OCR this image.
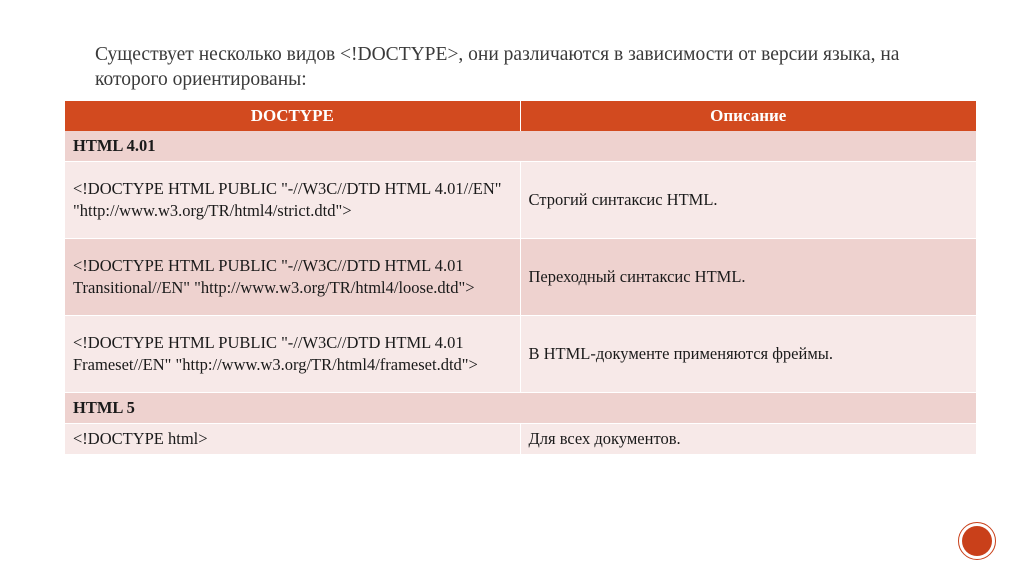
Существует несколько видов <!DOCTYPE>, они различаются в зависимости от версии языка, на которого ориентированы:
DOCTYPE	Описание
HTML 4.01	
<!DOCTYPE HTML PUBLIC "-//W3C//DTD HTML 4.01//EN" "http://www.w3.org/TR/html4/strict.dtd">	Строгий синтаксис HTML.
<!DOCTYPE HTML PUBLIC "-//W3C//DTD HTML 4.01 Transitional//EN" "http://www.w3.org/TR/html4/loose.dtd">	Переходный синтаксис HTML.
<!DOCTYPE HTML PUBLIC "-//W3C//DTD HTML 4.01 Frameset//EN" "http://www.w3.org/TR/html4/frameset.dtd">	В HTML-документе применяются фреймы.
HTML 5	
<!DOCTYPE html>	Для всех документов.
